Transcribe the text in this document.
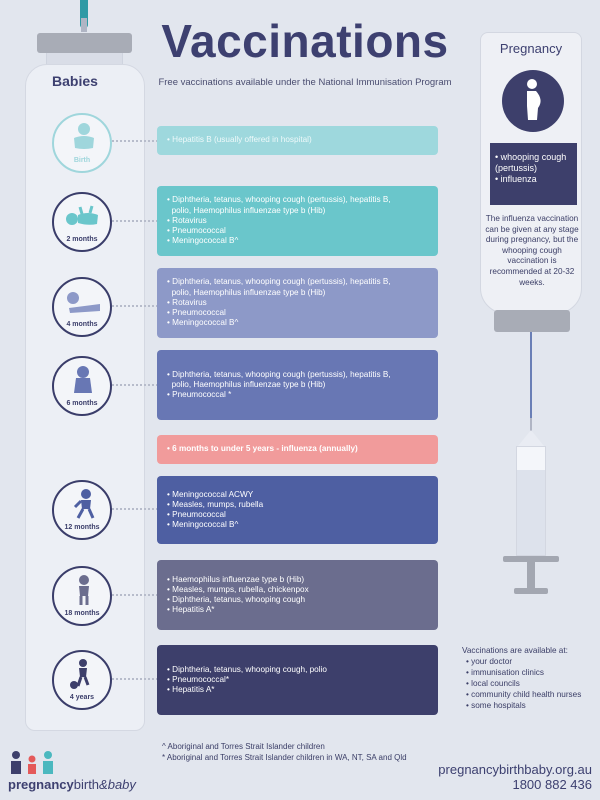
Babies
Vaccinations
Free vaccinations available under the National Immunisation Program
Birth
2 months
4 months
6 months
12 months
18 months
4 years
• Hepatitis B (usually offered in hospital)
• Diphtheria, tetanus, whooping cough (pertussis), hepatitis B,
polio, Haemophilus influenzae type b (Hib)
• Rotavirus
• Pneumococcal
• Meningococcal B^
• Diphtheria, tetanus, whooping cough (pertussis), hepatitis B,
polio, Haemophilus influenzae type b (Hib)
• Rotavirus
• Pneumococcal
• Meningococcal B^
• Diphtheria, tetanus, whooping cough (pertussis), hepatitis B,
polio, Haemophilus influenzae type b (Hib)
• Pneumococcal *
• 6 months to under 5 years - influenza (annually)
• Meningococcal ACWY
• Measles, mumps, rubella
• Pneumococcal
• Meningococcal B^
• Haemophilus influenzae type b (Hib)
• Measles, mumps, rubella, chickenpox
• Diphtheria, tetanus, whooping cough
• Hepatitis A*
• Diphtheria, tetanus, whooping cough, polio
• Pneumococcal*
• Hepatitis A*
Pregnancy
• whooping cough (pertussis)
• influenza
The influenza vaccination can be given at any stage during pregnancy, but the whooping cough vaccination is recommended at 20-32 weeks.
Vaccinations are available at:
• your doctor
• immunisation clinics
• local councils
• community child health nurses
• some hospitals
^ Aboriginal and Torres Strait Islander children
* Aboriginal and Torres Strait Islander children in WA, NT, SA and Qld
pregnancybirth&baby
pregnancybirthbaby.org.au
1800 882 436
